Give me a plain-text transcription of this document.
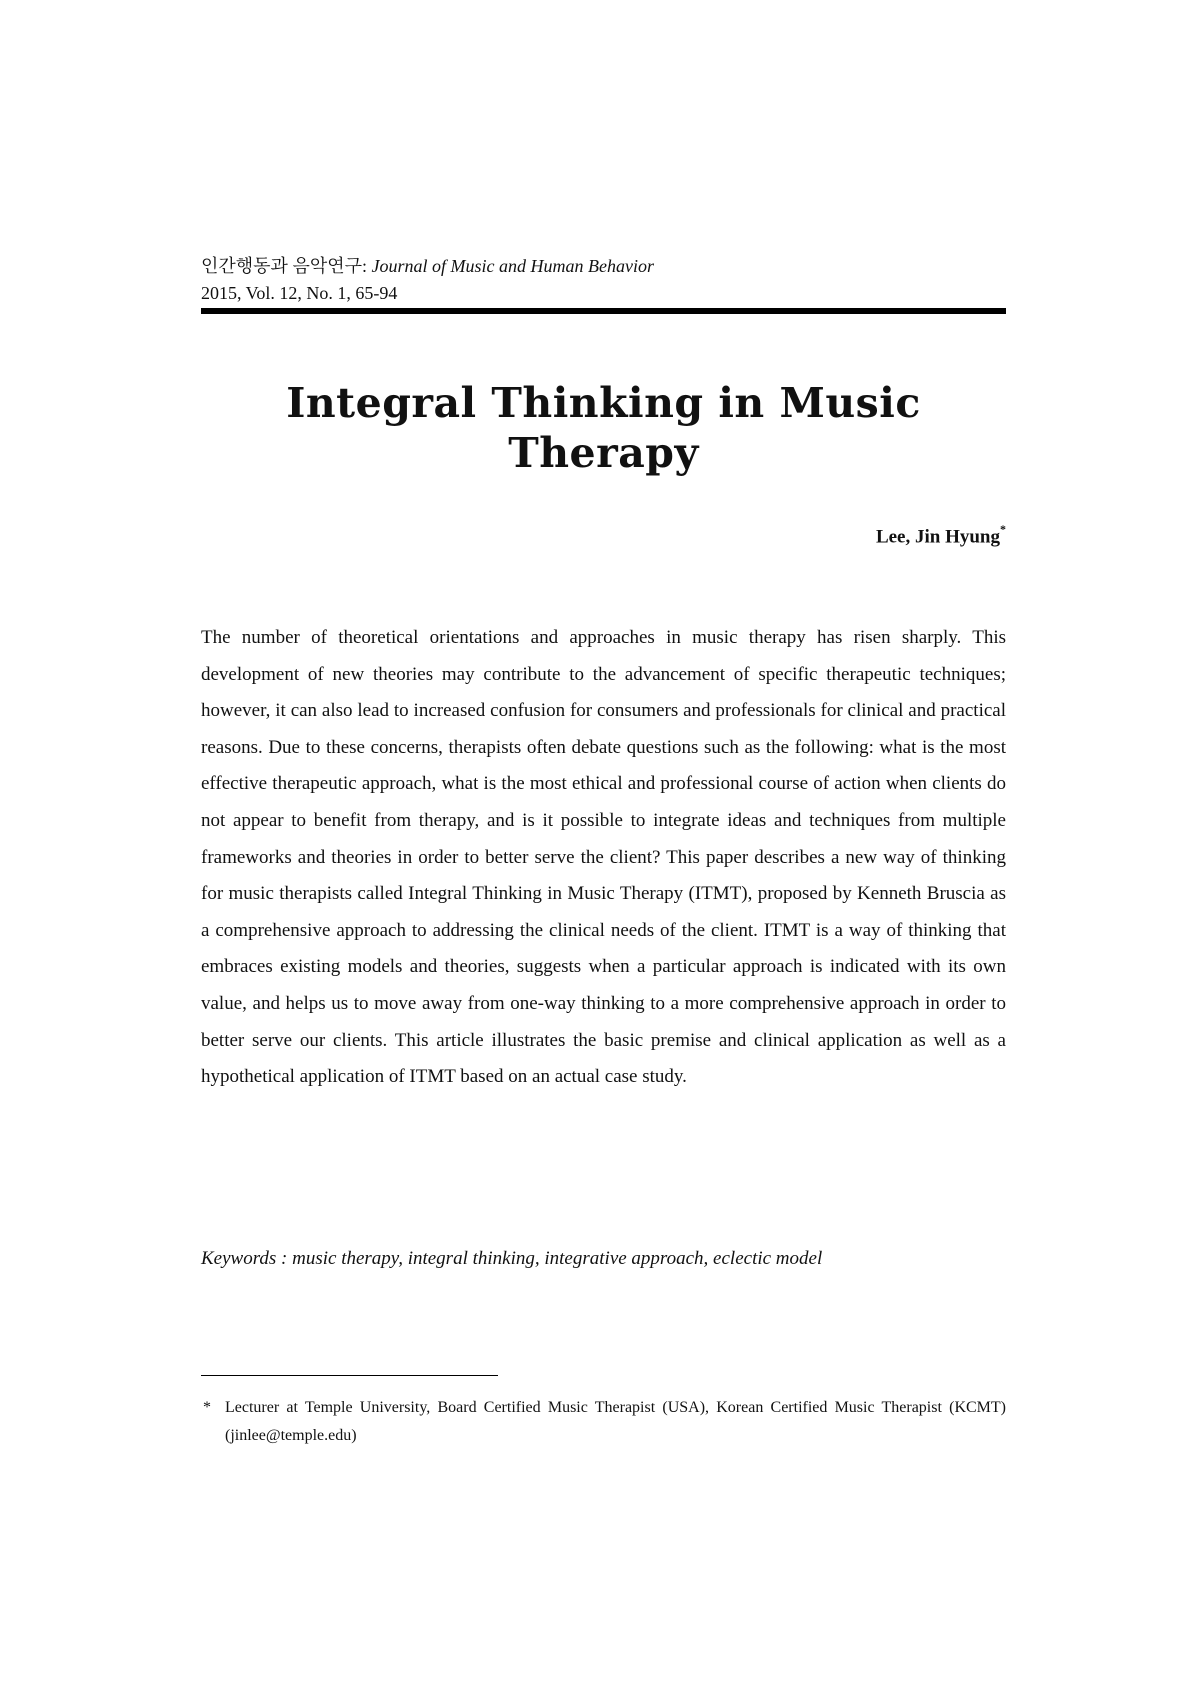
인간행동과 음악연구: Journal of Music and Human Behavior
2015, Vol. 12, No. 1, 65-94
Integral Thinking in Music Therapy
Lee, Jin Hyung*

The number of theoretical orientations and approaches in music therapy has risen sharply. This development of new theories may contribute to the advancement of specific therapeutic techniques; however, it can also lead to increased confusion for consumers and professionals for clinical and practical reasons. Due to these concerns, therapists often debate questions such as the following: what is the most effective therapeutic approach, what is the most ethical and professional course of action when clients do not appear to benefit from therapy, and is it possible to integrate ideas and techniques from multiple frameworks and theories in order to better serve the client? This paper describes a new way of thinking for music therapists called Integral Thinking in Music Therapy (ITMT), proposed by Kenneth Bruscia as a comprehensive approach to addressing the clinical needs of the client. ITMT is a way of thinking that embraces existing models and theories, suggests when a particular approach is indicated with its own value, and helps us to move away from one-way thinking to a more comprehensive approach in order to better serve our clients. This article illustrates the basic premise and clinical application as well as a hypothetical application of ITMT based on an actual case study.

Keywords : music therapy, integral thinking, integrative approach, eclectic model
* Lecturer at Temple University, Board Certified Music Therapist (USA), Korean Certified Music Therapist (KCMT) (jinlee@temple.edu)
